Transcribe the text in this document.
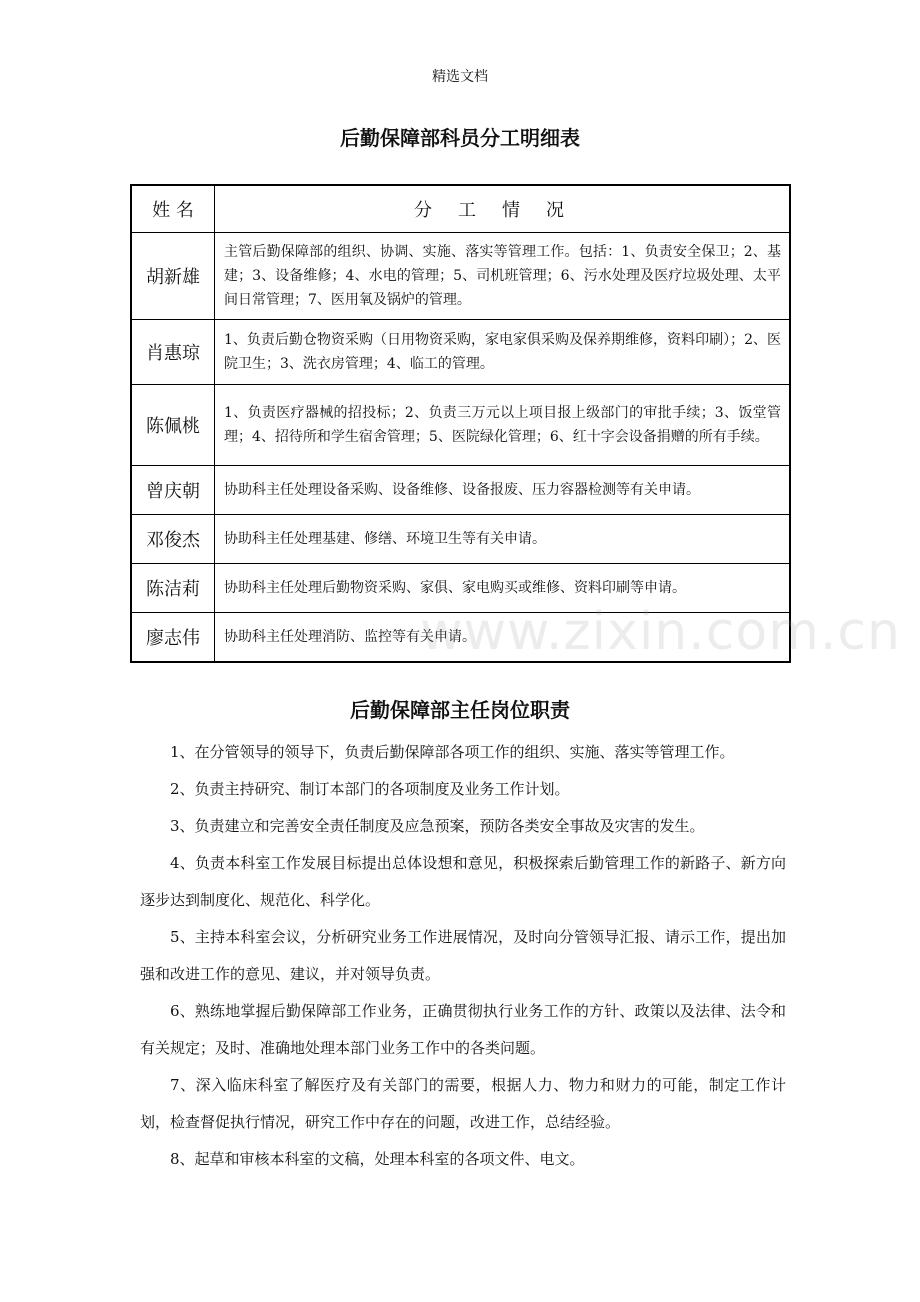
精选文档
后勤保障部科员分工明细表
姓 名	分工情况
胡新雄	主管后勤保障部的组织、协调、实施、落实等管理工作。包括：1、负责安全保卫；2、基建；3、设备维修；4、水电的管理；5、司机班管理；6、污水处理及医疗垃圾处理、太平间日常管理；7、医用氧及锅炉的管理。
肖惠琼	1、负责后勤仓物资采购（日用物资采购，家电家俱采购及保养期维修，资料印刷）；2、医院卫生；3、洗衣房管理；4、临工的管理。
陈佩桃	1、负责医疗器械的招投标；2、负责三万元以上项目报上级部门的审批手续；3、饭堂管理；4、招待所和学生宿舍管理；5、医院绿化管理；6、红十字会设备捐赠的所有手续。
曾庆朝	协助科主任处理设备采购、设备维修、设备报废、压力容器检测等有关申请。
邓俊杰	协助科主任处理基建、修缮、环境卫生等有关申请。
陈洁莉	协助科主任处理后勤物资采购、家俱、家电购买或维修、资料印刷等申请。
廖志伟	协助科主任处理消防、监控等有关申请。
www.zixin.com.cn
后勤保障部主任岗位职责

1、在分管领导的领导下，负责后勤保障部各项工作的组织、实施、落实等管理工作。

2、负责主持研究、制订本部门的各项制度及业务工作计划。

3、负责建立和完善安全责任制度及应急预案，预防各类安全事故及灾害的发生。

4、负责本科室工作发展目标提出总体设想和意见，积极探索后勤管理工作的新路子、新方向逐步达到制度化、规范化、科学化。

5、主持本科室会议，分析研究业务工作进展情况，及时向分管领导汇报、请示工作，提出加强和改进工作的意见、建议，并对领导负责。

6、熟练地掌握后勤保障部工作业务，正确贯彻执行业务工作的方针、政策以及法律、法令和有关规定；及时、准确地处理本部门业务工作中的各类问题。

7、深入临床科室了解医疗及有关部门的需要，根据人力、物力和财力的可能，制定工作计划，检查督促执行情况，研究工作中存在的问题，改进工作，总结经验。

8、起草和审核本科室的文稿，处理本科室的各项文件、电文。
